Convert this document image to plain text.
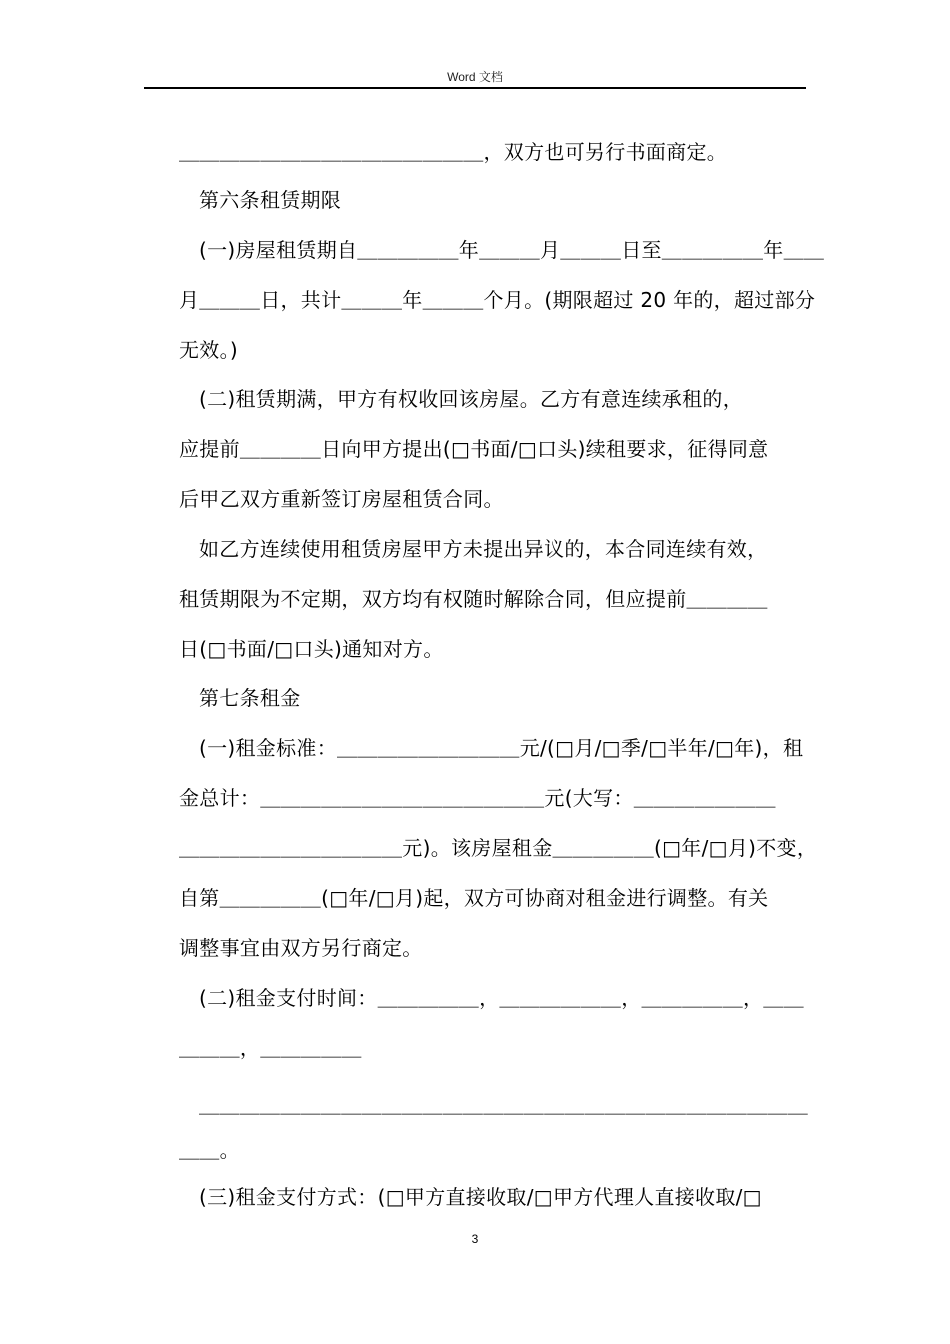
Word 文档
＿＿＿＿＿＿＿＿＿＿＿＿＿＿＿，双方也可另行书面商定。
第六条租赁期限
(一)房屋租赁期自＿＿＿＿＿年＿＿＿月＿＿＿日至＿＿＿＿＿年＿＿
月＿＿＿日，共计＿＿＿年＿＿＿个月。(期限超过 20 年的，超过部分
无效。)
(二)租赁期满，甲方有权收回该房屋。乙方有意连续承租的，
应提前＿＿＿＿日向甲方提出(□书面/□口头)续租要求，征得同意
后甲乙双方重新签订房屋租赁合同。
如乙方连续使用租赁房屋甲方未提出异议的，本合同连续有效，
租赁期限为不定期，双方均有权随时解除合同，但应提前＿＿＿＿
日(□书面/□口头)通知对方。
第七条租金
(一)租金标准：＿＿＿＿＿＿＿＿＿元/(□月/□季/□半年/□年)，租
金总计：＿＿＿＿＿＿＿＿＿＿＿＿＿＿元(大写：＿＿＿＿＿＿＿
＿＿＿＿＿＿＿＿＿＿＿元)。该房屋租金＿＿＿＿＿(□年/□月)不变，
自第＿＿＿＿＿(□年/□月)起，双方可协商对租金进行调整。有关
调整事宜由双方另行商定。
(二)租金支付时间：＿＿＿＿＿，＿＿＿＿＿＿，＿＿＿＿＿，＿＿
＿＿＿，＿＿＿＿＿
＿＿＿＿＿＿＿＿＿＿＿＿＿＿＿＿＿＿＿＿＿＿＿＿＿＿＿＿＿＿
＿＿。
(三)租金支付方式：(□甲方直接收取/□甲方代理人直接收取/□
3
